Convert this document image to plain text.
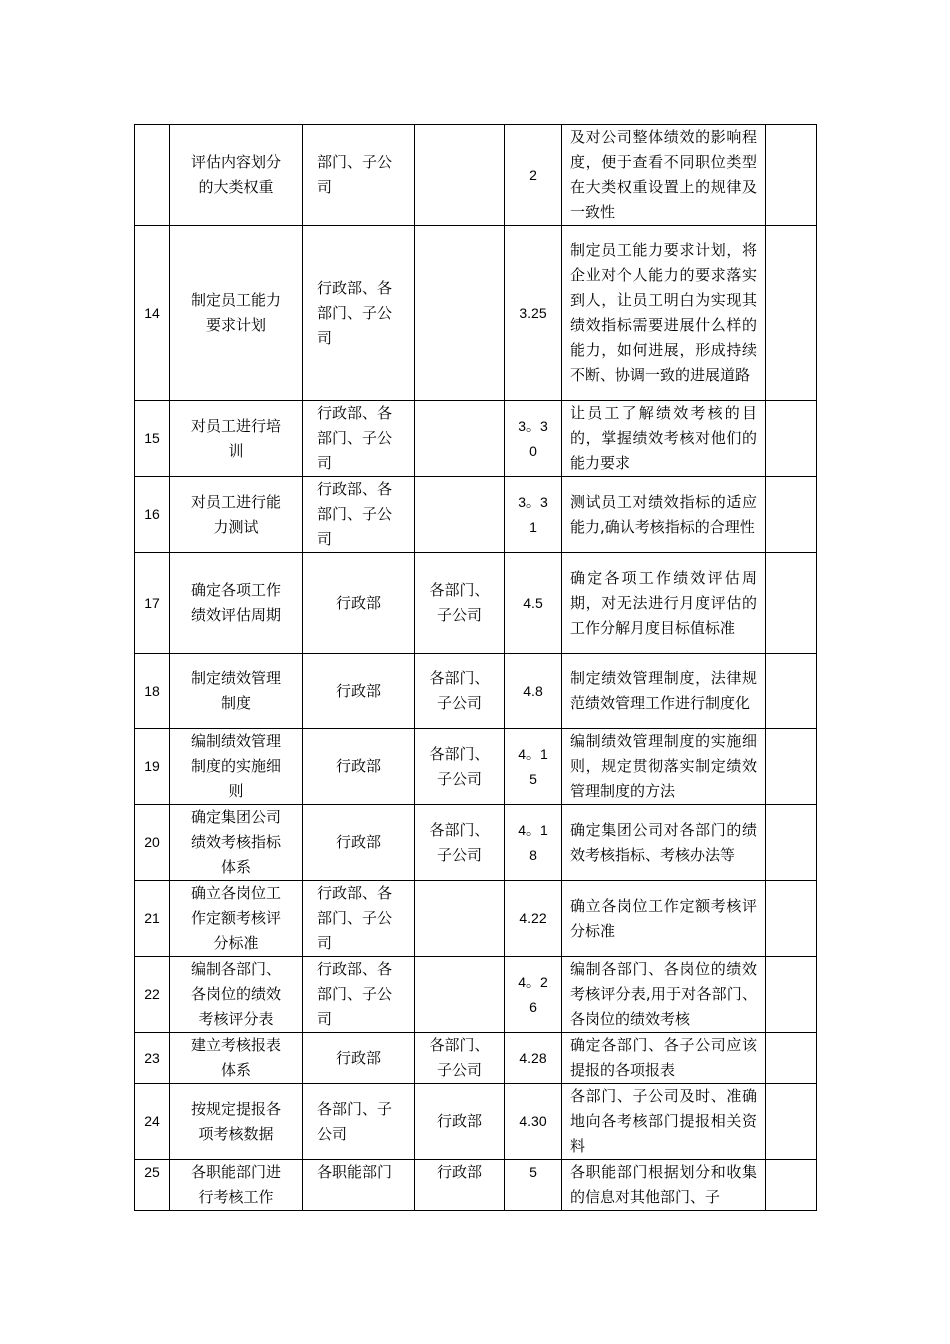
	评估内容划分
的大类权重	部门、子公
司		2	及对公司整体绩效的影响程度，便于查看不同职位类型在大类权重设置上的规律及一致性	

14	制定员工能力
要求计划	行政部、各
部门、子公
司		3.25	制定员工能力要求计划，将企业对个人能力的要求落实到人，让员工明白为实现其绩效指标需要进展什么样的能力，如何进展，形成持续不断、协调一致的进展道路	

15	对员工进行培
训	行政部、各
部门、子公
司		3。3
0	让员工了解绩效考核的目的，掌握绩效考核对他们的能力要求	

16	对员工进行能
力测试	行政部、各
部门、子公
司		3。3
1	测试员工对绩效指标的适应能力,确认考核指标的合理性	

17	确定各项工作
绩效评估周期	行政部	各部门、
子公司	4.5	确定各项工作绩效评估周期，对无法进行月度评估的工作分解月度目标值标准	

18	制定绩效管理
制度	行政部	各部门、
子公司	4.8	制定绩效管理制度，法律规范绩效管理工作进行制度化	

19	编制绩效管理
制度的实施细
则	行政部	各部门、
子公司	4。1
5	编制绩效管理制度的实施细则，规定贯彻落实制定绩效管理制度的方法	

20	确定集团公司
绩效考核指标
体系	行政部	各部门、
子公司	4。1
8	确定集团公司对各部门的绩效考核指标、考核办法等	

21	确立各岗位工
作定额考核评
分标准	行政部、各
部门、子公
司		4.22	确立各岗位工作定额考核评分标准	

22	编制各部门、
各岗位的绩效
考核评分表	行政部、各
部门、子公
司		4。2
6	编制各部门、各岗位的绩效考核评分表,用于对各部门、各岗位的绩效考核	

23	建立考核报表
体系	行政部	各部门、
子公司	4.28	确定各部门、各子公司应该提报的各项报表	

24	按规定提报各
项考核数据	各部门、子
公司	行政部	4.30	各部门、子公司及时、准确地向各考核部门提报相关资料	

25	各职能部门进
行考核工作	各职能部门	行政部	5	各职能部门根据划分和收集的信息对其他部门、子	
